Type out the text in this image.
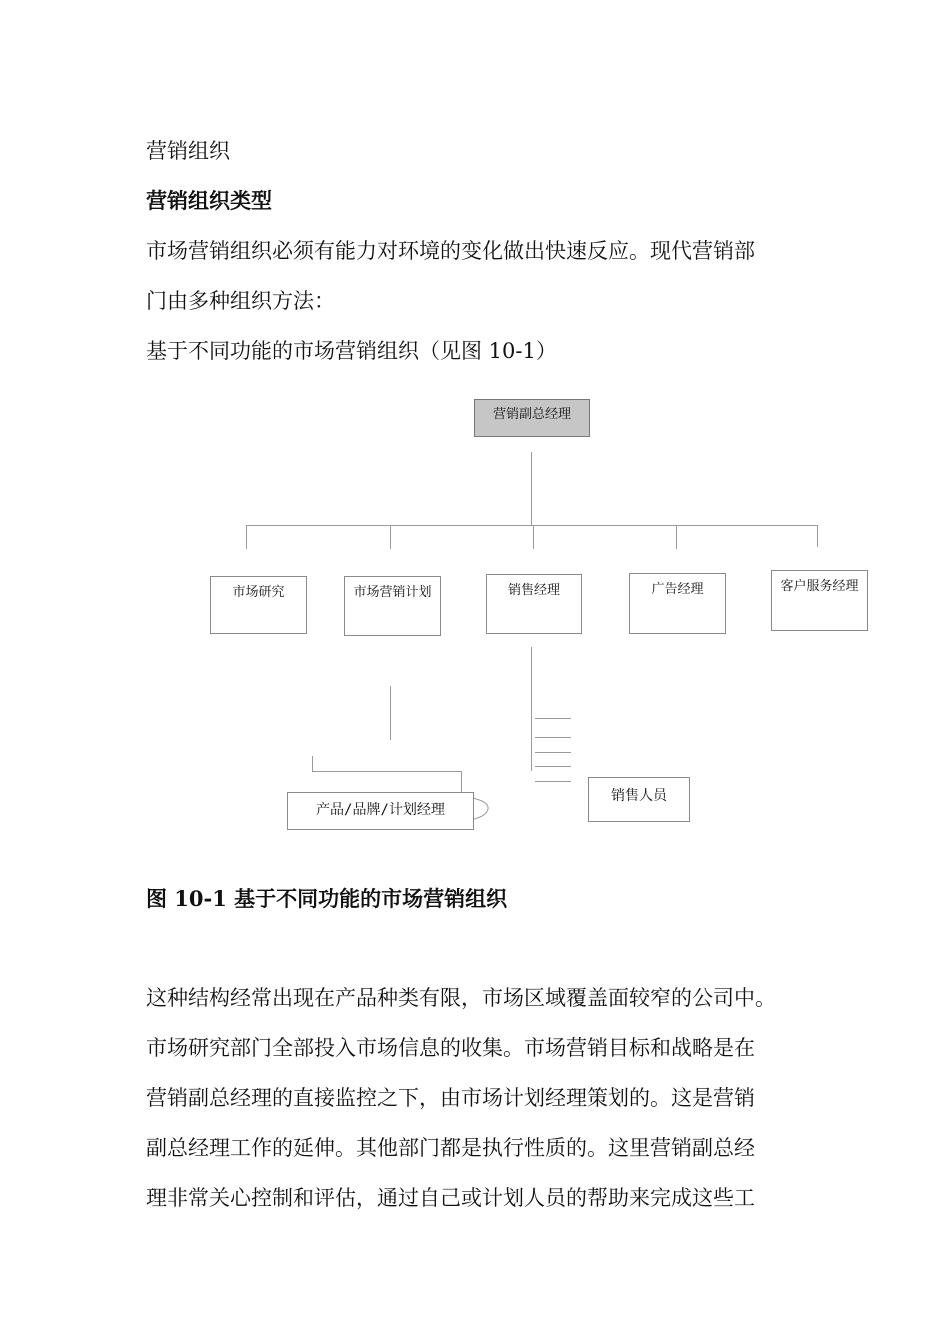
营销组织

营销组织类型

市场营销组织必须有能力对环境的变化做出快速反应。现代营销部

门由多种组织方法：

基于不同功能的市场营销组织（见图 10-1）

营销副总经理
市场研究	市场营销计划	销售经理	广告经理	客户服务经理
产品/品牌/计划经理
销售人员

图 10-1 基于不同功能的市场营销组织

这种结构经常出现在产品种类有限，市场区域覆盖面较窄的公司中。

市场研究部门全部投入市场信息的收集。市场营销目标和战略是在

营销副总经理的直接监控之下，由市场计划经理策划的。这是营销

副总经理工作的延伸。其他部门都是执行性质的。这里营销副总经

理非常关心控制和评估，通过自己或计划人员的帮助来完成这些工
